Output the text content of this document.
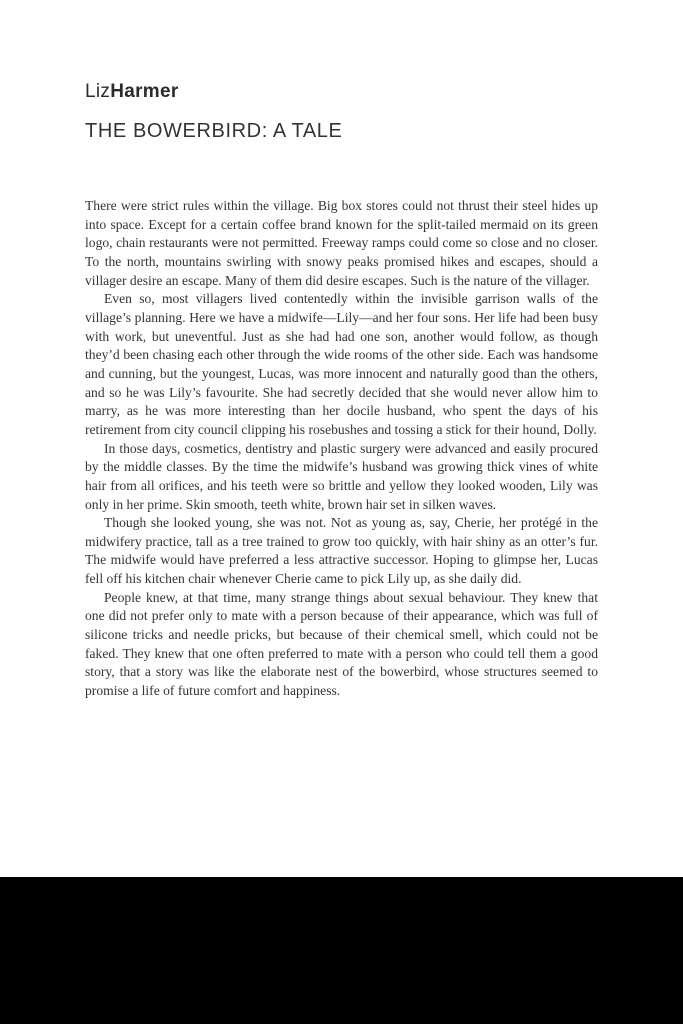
LizHarmer
THE BOWERBIRD: A TALE

There were strict rules within the village. Big box stores could not thrust their steel hides up into space. Except for a certain coffee brand known for the split-tailed mermaid on its green logo, chain restaurants were not permitted. Freeway ramps could come so close and no closer. To the north, mountains swirling with snowy peaks promised hikes and escapes, should a villager desire an escape. Many of them did desire escapes. Such is the nature of the villager.

Even so, most villagers lived contentedly within the invisible garrison walls of the village’s planning. Here we have a midwife—Lily—and her four sons. Her life had been busy with work, but uneventful. Just as she had had one son, another would follow, as though they’d been chasing each other through the wide rooms of the other side. Each was handsome and cunning, but the youngest, Lucas, was more innocent and naturally good than the others, and so he was Lily’s favourite. She had secretly decided that she would never allow him to marry, as he was more interesting than her docile husband, who spent the days of his retirement from city council clipping his rosebushes and tossing a stick for their hound, Dolly.

In those days, cosmetics, dentistry and plastic surgery were advanced and easily procured by the middle classes. By the time the midwife’s husband was growing thick vines of white hair from all orifices, and his teeth were so brittle and yellow they looked wooden, Lily was only in her prime. Skin smooth, teeth white, brown hair set in silken waves.

Though she looked young, she was not. Not as young as, say, Cherie, her protégé in the midwifery practice, tall as a tree trained to grow too quickly, with hair shiny as an otter’s fur. The midwife would have preferred a less attractive successor. Hoping to glimpse her, Lucas fell off his kitchen chair whenever Cherie came to pick Lily up, as she daily did.

People knew, at that time, many strange things about sexual behaviour. They knew that one did not prefer only to mate with a person because of their appearance, which was full of silicone tricks and needle pricks, but because of their chemical smell, which could not be faked. They knew that one often preferred to mate with a person who could tell them a good story, that a story was like the elaborate nest of the bowerbird, whose structures seemed to promise a life of future comfort and happiness.
